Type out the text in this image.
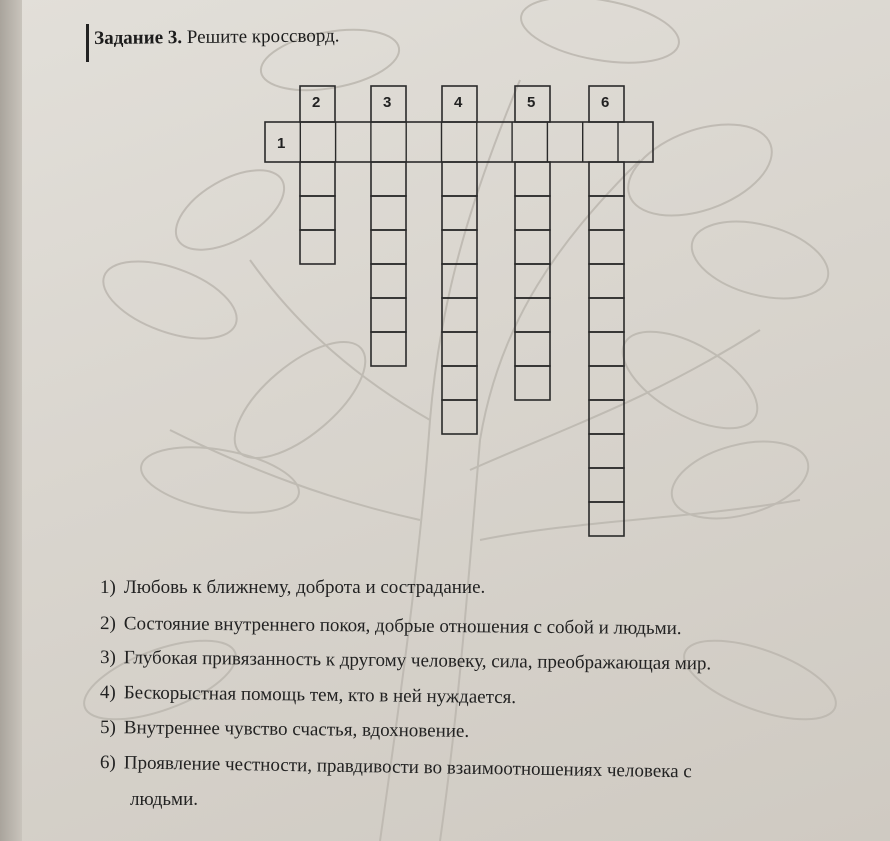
Задание 3. Решите кроссворд.
1
2	3	4	5	6
1) Любовь к ближнему, доброта и сострадание.
2) Состояние внутреннего покоя, добрые отношения с собой и людьми.
3) Глубокая привязанность к другому человеку, сила, преображающая мир.
4) Бескорыстная помощь тем, кто в ней нуждается.
5) Внутреннее чувство счастья, вдохновение.
6) Проявление честности, правдивости во взаимоотношениях человека с
людьми.
